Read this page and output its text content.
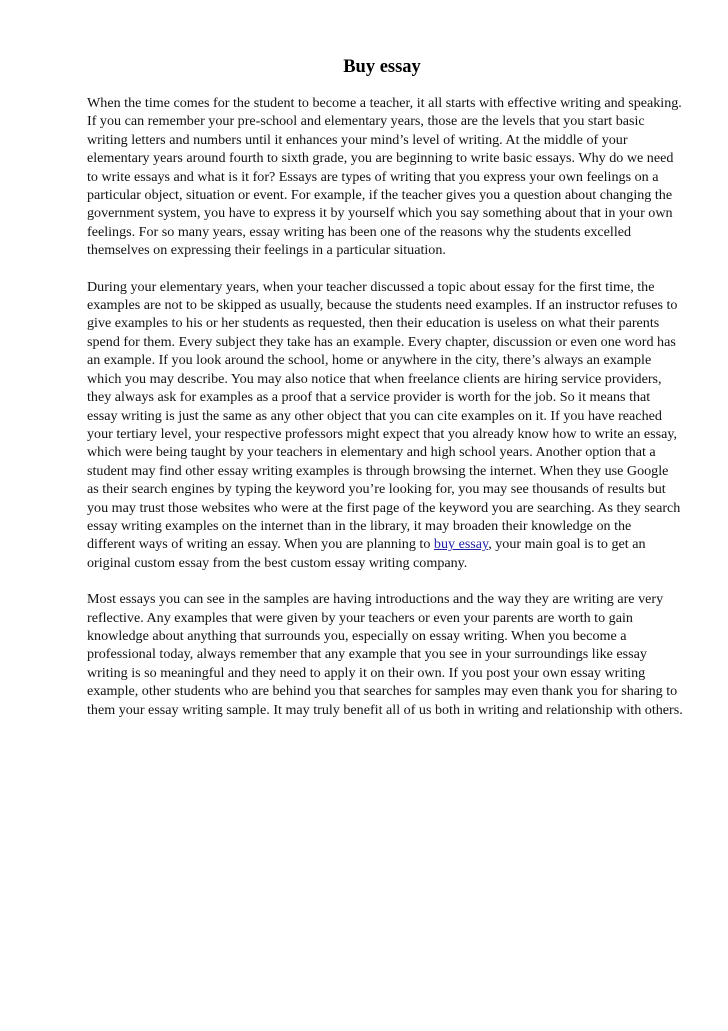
Buy essay

When the time comes for the student to become a teacher, it all starts with effective writing and speaking. If you can remember your pre-school and elementary years, those are the levels that you start basic writing letters and numbers until it enhances your mind’s level of writing. At the middle of your elementary years around fourth to sixth grade, you are beginning to write basic essays. Why do we need to write essays and what is it for? Essays are types of writing that you express your own feelings on a particular object, situation or event. For example, if the teacher gives you a question about changing the government system, you have to express it by yourself which you say something about that in your own feelings. For so many years, essay writing has been one of the reasons why the students excelled themselves on expressing their feelings in a particular situation.

During your elementary years, when your teacher discussed a topic about essay for the first time, the examples are not to be skipped as usually, because the students need examples. If an instructor refuses to give examples to his or her students as requested, then their education is useless on what their parents spend for them. Every subject they take has an example. Every chapter, discussion or even one word has an example. If you look around the school, home or anywhere in the city, there’s always an example which you may describe. You may also notice that when freelance clients are hiring service providers, they always ask for examples as a proof that a service provider is worth for the job. So it means that essay writing is just the same as any other object that you can cite examples on it. If you have reached your tertiary level, your respective professors might expect that you already know how to write an essay, which were being taught by your teachers in elementary and high school years. Another option that a student may find other essay writing examples is through browsing the internet. When they use Google as their search engines by typing the keyword you’re looking for, you may see thousands of results but you may trust those websites who were at the first page of the keyword you are searching. As they search essay writing examples on the internet than in the library, it may broaden their knowledge on the different ways of writing an essay. When you are planning to buy essay, your main goal is to get an original custom essay from the best custom essay writing company.

Most essays you can see in the samples are having introductions and the way they are writing are very reflective. Any examples that were given by your teachers or even your parents are worth to gain knowledge about anything that surrounds you, especially on essay writing. When you become a professional today, always remember that any example that you see in your surroundings like essay writing is so meaningful and they need to apply it on their own. If you post your own essay writing example, other students who are behind you that searches for samples may even thank you for sharing to them your essay writing sample. It may truly benefit all of us both in writing and relationship with others.
